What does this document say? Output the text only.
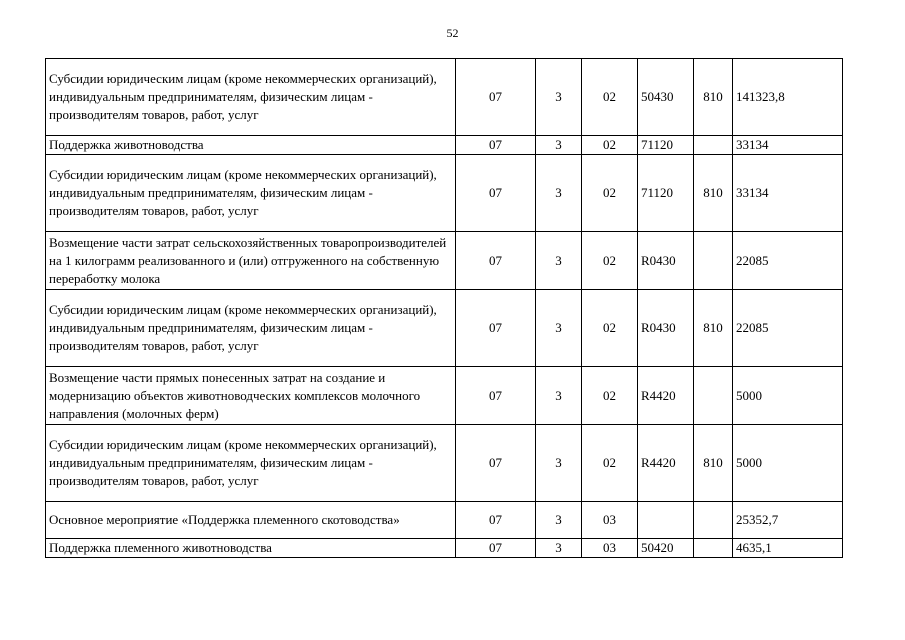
52
Субсидии юридическим лицам (кроме некоммерческих организаций), индивидуальным предпринимателям, физическим лицам - производителям товаров, работ, услуг	07	3	02	50430	810	141323,8
Поддержка животноводства	07	3	02	71120		33134
Субсидии юридическим лицам (кроме некоммерческих организаций), индивидуальным предпринимателям, физическим лицам - производителям товаров, работ, услуг	07	3	02	71120	810	33134
Возмещение части затрат сельскохозяйственных товаропроизводителей на 1 килограмм реализованного и (или) отгруженного на собственную переработку молока	07	3	02	R0430		22085
Субсидии юридическим лицам (кроме некоммерческих организаций), индивидуальным предпринимателям, физическим лицам - производителям товаров, работ, услуг	07	3	02	R0430	810	22085
Возмещение части прямых понесенных затрат на создание и модернизацию объектов животноводческих комплексов молочного направления (молочных ферм)	07	3	02	R4420		5000
Субсидии юридическим лицам (кроме некоммерческих организаций), индивидуальным предпринимателям, физическим лицам - производителям товаров, работ, услуг	07	3	02	R4420	810	5000
Основное мероприятие «Поддержка племенного скотоводства»	07	3	03			25352,7
Поддержка племенного животноводства	07	3	03	50420		4635,1
